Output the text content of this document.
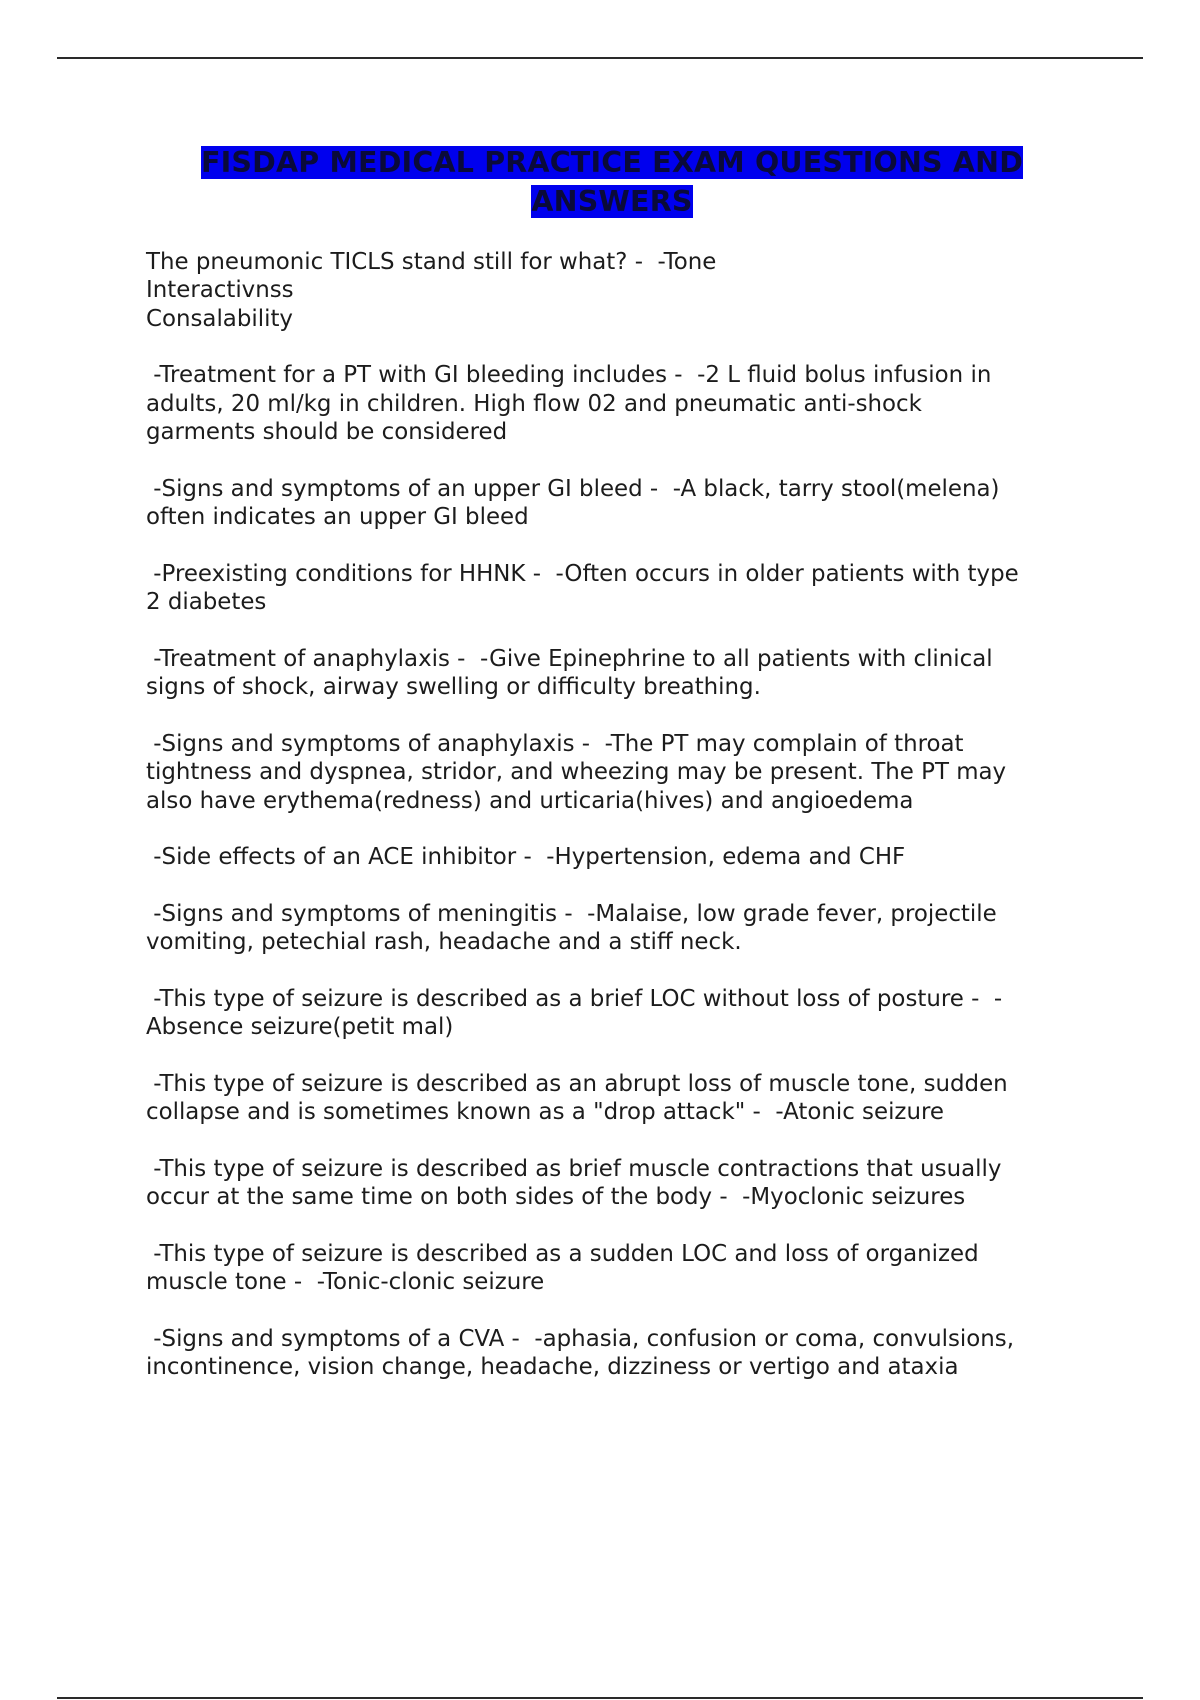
FISDAP MEDICAL PRACTICE EXAM QUESTIONS AND ANSWERS

The pneumonic TICLS stand still for what? -  -Tone
Interactivnss
Consalability

-Treatment for a PT with GI bleeding includes -  -2 L fluid bolus infusion in
adults, 20 ml/kg in children. High flow 02 and pneumatic anti-shock
garments should be considered

-Signs and symptoms of an upper GI bleed -  -A black, tarry stool(melena)
often indicates an upper GI bleed

-Preexisting conditions for HHNK -  -Often occurs in older patients with type
2 diabetes

-Treatment of anaphylaxis -  -Give Epinephrine to all patients with clinical
signs of shock, airway swelling or difficulty breathing.

-Signs and symptoms of anaphylaxis -  -The PT may complain of throat
tightness and dyspnea, stridor, and wheezing may be present. The PT may
also have erythema(redness) and urticaria(hives) and angioedema

-Side effects of an ACE inhibitor -  -Hypertension, edema and CHF

-Signs and symptoms of meningitis -  -Malaise, low grade fever, projectile
vomiting, petechial rash, headache and a stiff neck.

-This type of seizure is described as a brief LOC without loss of posture -  -
Absence seizure(petit mal)

-This type of seizure is described as an abrupt loss of muscle tone, sudden
collapse and is sometimes known as a "drop attack" -  -Atonic seizure

-This type of seizure is described as brief muscle contractions that usually
occur at the same time on both sides of the body -  -Myoclonic seizures

-This type of seizure is described as a sudden LOC and loss of organized
muscle tone -  -Tonic-clonic seizure

-Signs and symptoms of a CVA -  -aphasia, confusion or coma, convulsions,
incontinence, vision change, headache, dizziness or vertigo and ataxia
